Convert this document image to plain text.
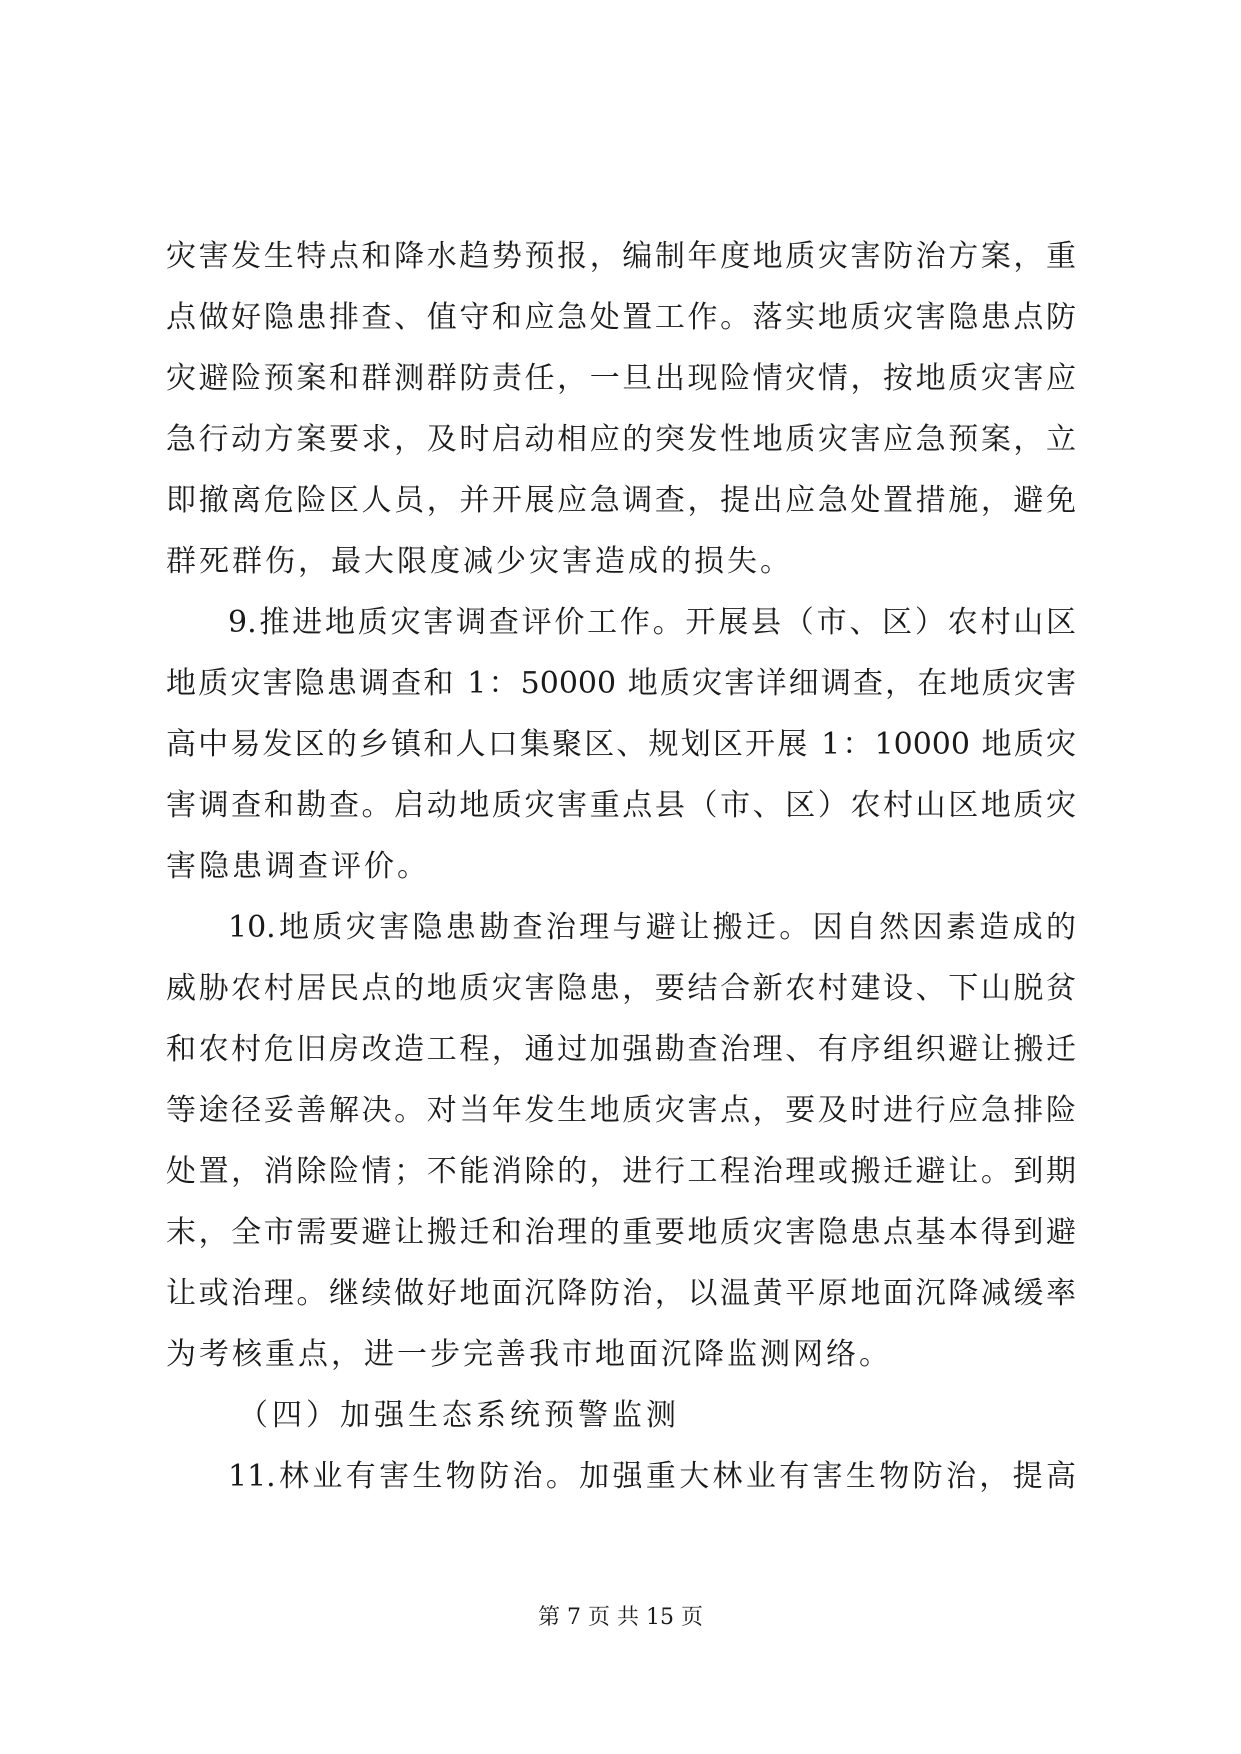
灾害发生特点和降水趋势预报，编制年度地质灾害防治方案，重
点做好隐患排查、值守和应急处置工作。落实地质灾害隐患点防
灾避险预案和群测群防责任，一旦出现险情灾情，按地质灾害应
急行动方案要求，及时启动相应的突发性地质灾害应急预案，立
即撤离危险区人员，并开展应急调查，提出应急处置措施，避免
群死群伤，最大限度减少灾害造成的损失。
9.推进地质灾害调查评价工作。开展县（市、区）农村山区
地质灾害隐患调查和 1：50000 地质灾害详细调查，在地质灾害
高中易发区的乡镇和人口集聚区、规划区开展 1：10000 地质灾
害调查和勘查。启动地质灾害重点县（市、区）农村山区地质灾
害隐患调查评价。
10.地质灾害隐患勘查治理与避让搬迁。因自然因素造成的
威胁农村居民点的地质灾害隐患，要结合新农村建设、下山脱贫
和农村危旧房改造工程，通过加强勘查治理、有序组织避让搬迁
等途径妥善解决。对当年发生地质灾害点，要及时进行应急排险
处置，消除险情；不能消除的，进行工程治理或搬迁避让。到期
末，全市需要避让搬迁和治理的重要地质灾害隐患点基本得到避
让或治理。继续做好地面沉降防治，以温黄平原地面沉降减缓率
为考核重点，进一步完善我市地面沉降监测网络。
（四）加强生态系统预警监测
11.林业有害生物防治。加强重大林业有害生物防治，提高
第 7 页 共 15 页
